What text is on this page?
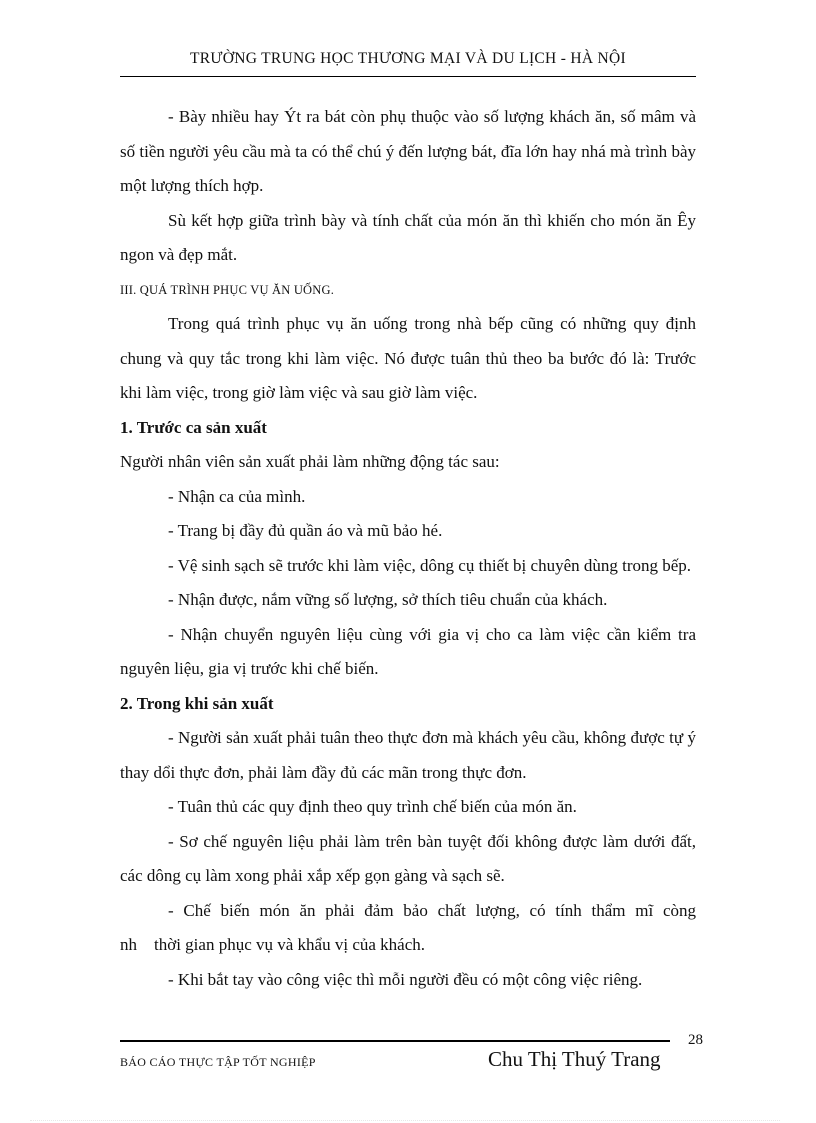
TRƯỜNG TRUNG HỌC THƯƠNG MẠI VÀ DU LỊCH - HÀ NỘI

- Bày nhiều hay Ýt ra bát còn phụ thuộc vào số lượng khách ăn, số mâm và số tiền người yêu cầu mà ta có thể chú ý đến lượng bát, đĩa lớn hay nhá mà trình bày một lượng thích hợp.

Sù kết hợp giữa trình bày và tính chất của món ăn thì khiến cho món ăn Êy ngon và đẹp mắt.

III. QUÁ TRÌNH PHỤC VỤ ĂN UỐNG.

Trong quá trình phục vụ ăn uống trong nhà bếp cũng có những quy định chung và quy tắc trong khi làm việc. Nó được tuân thủ theo ba bước đó là: Trước khi làm việc, trong giờ làm việc và sau giờ làm việc.

1. Trước ca sản xuất

Người nhân viên sản xuất phải làm những động tác sau:

- Nhận ca của mình.

- Trang bị đầy đủ quần áo và mũ bảo hé.

- Vệ sinh sạch sẽ trước khi làm việc, dông cụ thiết bị chuyên dùng trong bếp.

- Nhận được, nắm vững số lượng, sở thích tiêu chuẩn của khách.

- Nhận chuyển nguyên liệu cùng với gia vị cho ca làm việc cần kiểm tra nguyên liệu, gia vị trước khi chế biến.

2. Trong khi sản xuất

- Người sản xuất phải tuân theo thực đơn mà khách yêu cầu, không được tự ý thay dổi thực đơn, phải làm đầy đủ các mãn trong thực đơn.

- Tuân thủ các quy định theo quy trình chế biến của món ăn.

- Sơ chế nguyên liệu phải làm trên bàn tuyệt đối không được làm dưới đất, các dông cụ làm xong phải xắp xếp gọn gàng và sạch sẽ.

- Chế biến món ăn phải đảm bảo chất lượng, có tính thẩm mĩ còng

nh thời gian phục vụ và khẩu vị của khách.

- Khi bắt tay vào công việc thì mỗi người đều có một công việc riêng.

28
BÁO CÁO THỰC TẬP TỐT NGHIỆP	Chu Thị Thuý Trang
